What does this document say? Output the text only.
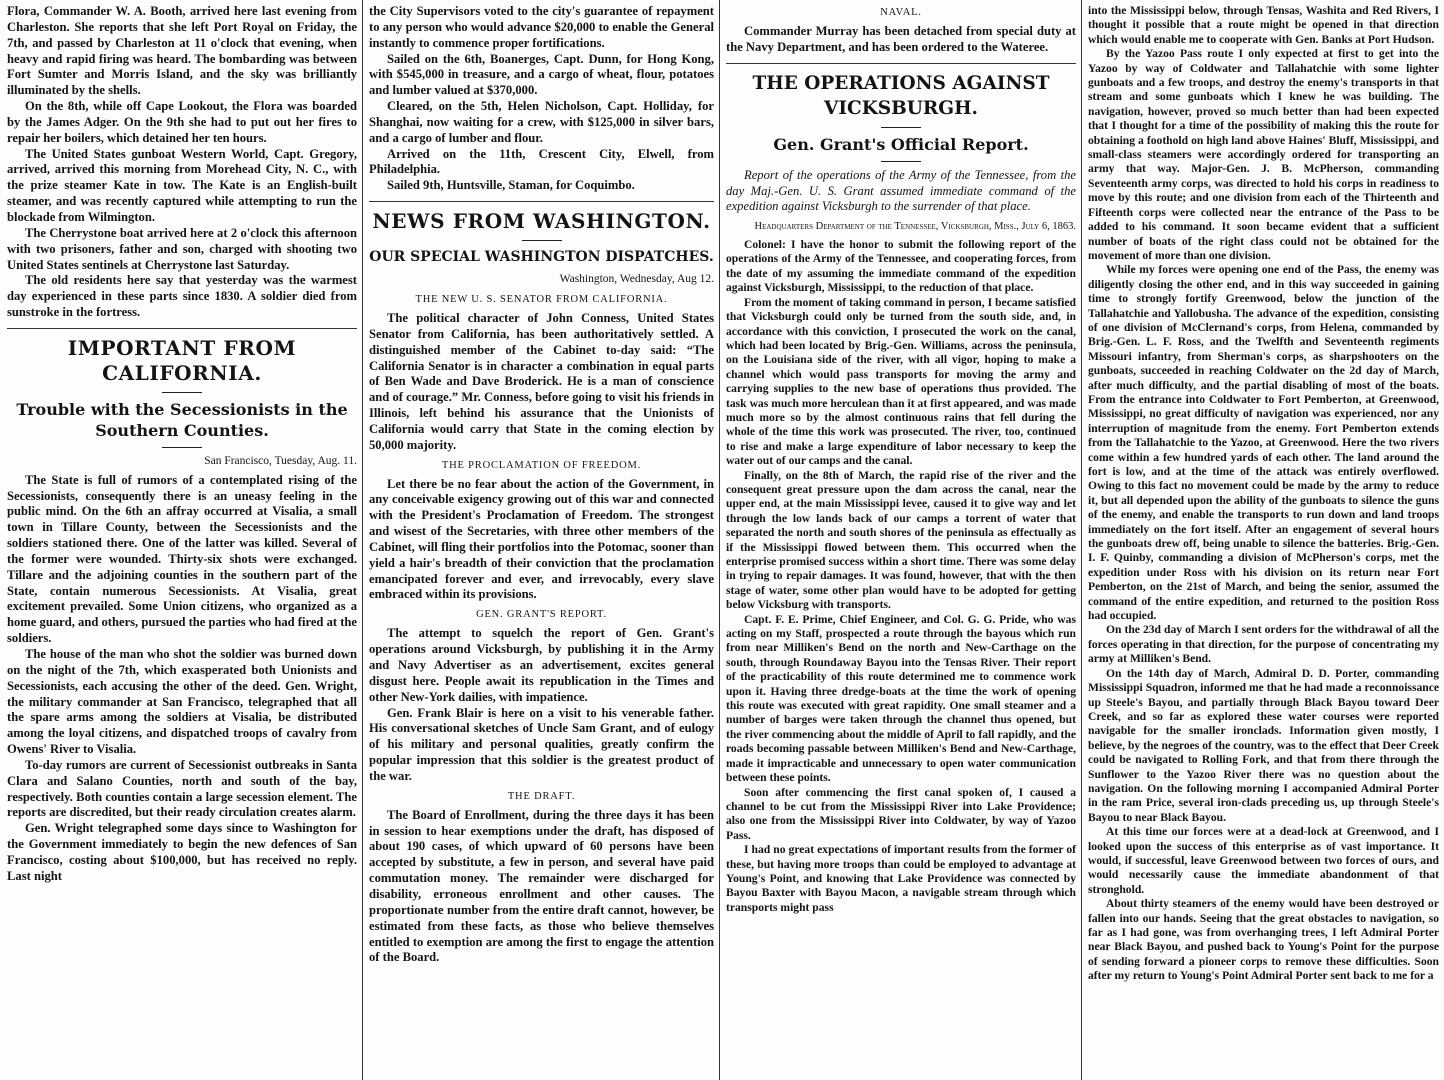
Flora, Commander W. A. Booth, arrived here last evening from Charleston. She reports that she left Port Royal on Friday, the 7th, and passed by Charleston at 11 o'clock that evening, when heavy and rapid firing was heard. The bombarding was between Fort Sumter and Morris Island, and the sky was brilliantly illuminated by the shells.

On the 8th, while off Cape Lookout, the Flora was boarded by the James Adger. On the 9th she had to put out her fires to repair her boilers, which detained her ten hours.

The United States gunboat Western World, Capt. Gregory, arrived, arrived this morning from Morehead City, N. C., with the prize steamer Kate in tow. The Kate is an English-built steamer, and was recently captured while attempting to run the blockade from Wilmington.

The Cherrystone boat arrived here at 2 o'clock this afternoon with two prisoners, father and son, charged with shooting two United States sentinels at Cherrystone last Saturday.

The old residents here say that yesterday was the warmest day experienced in these parts since 1830. A soldier died from sunstroke in the fortress.

IMPORTANT FROM CALIFORNIA.
Trouble with the Secessionists in the Southern Counties.
San Francisco, Tuesday, Aug. 11.

The State is full of rumors of a contemplated rising of the Secessionists, consequently there is an uneasy feeling in the public mind. On the 6th an affray occurred at Visalia, a small town in Tillare County, between the Secessionists and the soldiers stationed there. One of the latter was killed. Several of the former were wounded. Thirty-six shots were exchanged. Tillare and the adjoining counties in the southern part of the State, contain numerous Secessionists. At Visalia, great excitement prevailed. Some Union citizens, who organized as a home guard, and others, pursued the parties who had fired at the soldiers.

The house of the man who shot the soldier was burned down on the night of the 7th, which exasperated both Unionists and Secessionists, each accusing the other of the deed. Gen. Wright, the military commander at San Francisco, telegraphed that all the spare arms among the soldiers at Visalia, be distributed among the loyal citizens, and dispatched troops of cavalry from Owens' River to Visalia.

To-day rumors are current of Secessionist outbreaks in Santa Clara and Salano Counties, north and south of the bay, respectively. Both counties contain a large secession element. The reports are discredited, but their ready circulation creates alarm.

Gen. Wright telegraphed some days since to Washington for the Government immediately to begin the new defences of San Francisco, costing about $100,000, but has received no reply. Last night

the City Supervisors voted to the city's guarantee of repayment to any person who would advance $20,000 to enable the General instantly to commence proper fortifications.

Sailed on the 6th, Boanerges, Capt. Dunn, for Hong Kong, with $545,000 in treasure, and a cargo of wheat, flour, potatoes and lumber valued at $370,000.

Cleared, on the 5th, Helen Nicholson, Capt. Holliday, for Shanghai, now waiting for a crew, with $125,000 in silver bars, and a cargo of lumber and flour.

Arrived on the 11th, Crescent City, Elwell, from Philadelphia.

Sailed 9th, Huntsville, Staman, for Coquimbo.

NEWS FROM WASHINGTON.
OUR SPECIAL WASHINGTON DISPATCHES.
Washington, Wednesday, Aug 12.
THE NEW U. S. SENATOR FROM CALIFORNIA.

The political character of John Conness, United States Senator from California, has been authoritatively settled. A distinguished member of the Cabinet to-day said: “The California Senator is in character a combination in equal parts of Ben Wade and Dave Broderick. He is a man of conscience and of courage.” Mr. Conness, before going to visit his friends in Illinois, left behind his assurance that the Unionists of California would carry that State in the coming election by 50,000 majority.

THE PROCLAMATION OF FREEDOM.

Let there be no fear about the action of the Government, in any conceivable exigency growing out of this war and connected with the President's Proclamation of Freedom. The strongest and wisest of the Secretaries, with three other members of the Cabinet, will fling their portfolios into the Potomac, sooner than yield a hair's breadth of their conviction that the proclamation emancipated forever and ever, and irrevocably, every slave embraced within its provisions.

GEN. GRANT'S REPORT.

The attempt to squelch the report of Gen. Grant's operations around Vicksburgh, by publishing it in the Army and Navy Advertiser as an advertisement, excites general disgust here. People await its republication in the Times and other New-York dailies, with impatience.

Gen. Frank Blair is here on a visit to his venerable father. His conversational sketches of Uncle Sam Grant, and of eulogy of his military and personal qualities, greatly confirm the popular impression that this soldier is the greatest product of the war.

THE DRAFT.

The Board of Enrollment, during the three days it has been in session to hear exemptions under the draft, has disposed of about 190 cases, of which upward of 60 persons have been accepted by substitute, a few in person, and several have paid commutation money. The remainder were discharged for disability, erroneous enrollment and other causes. The proportionate number from the entire draft cannot, however, be estimated from these facts, as those who believe themselves entitled to exemption are among the first to engage the attention of the Board.

NAVAL.

Commander Murray has been detached from special duty at the Navy Department, and has been ordered to the Wateree.

THE OPERATIONS AGAINST VICKSBURGH.
Gen. Grant's Official Report.

Report of the operations of the Army of the Tennessee, from the day Maj.-Gen. U. S. Grant assumed immediate command of the expedition against Vicksburgh to the surrender of that place.

Headquarters Department of the Tennessee, Vicksburgh, Miss., July 6, 1863.

Colonel: I have the honor to submit the following report of the operations of the Army of the Tennessee, and cooperating forces, from the date of my assuming the immediate command of the expedition against Vicksburgh, Mississippi, to the reduction of that place.

From the moment of taking command in person, I became satisfied that Vicksburgh could only be turned from the south side, and, in accordance with this conviction, I prosecuted the work on the canal, which had been located by Brig.-Gen. Williams, across the peninsula, on the Louisiana side of the river, with all vigor, hoping to make a channel which would pass transports for moving the army and carrying supplies to the new base of operations thus provided. The task was much more herculean than it at first appeared, and was made much more so by the almost continuous rains that fell during the whole of the time this work was prosecuted. The river, too, continued to rise and make a large expenditure of labor necessary to keep the water out of our camps and the canal.

Finally, on the 8th of March, the rapid rise of the river and the consequent great pressure upon the dam across the canal, near the upper end, at the main Mississippi levee, caused it to give way and let through the low lands back of our camps a torrent of water that separated the north and south shores of the peninsula as effectually as if the Mississippi flowed between them. This occurred when the enterprise promised success within a short time. There was some delay in trying to repair damages. It was found, however, that with the then stage of water, some other plan would have to be adopted for getting below Vicksburg with transports.

Capt. F. E. Prime, Chief Engineer, and Col. G. G. Pride, who was acting on my Staff, prospected a route through the bayous which run from near Milliken's Bend on the north and New-Carthage on the south, through Roundaway Bayou into the Tensas River. Their report of the practicability of this route determined me to commence work upon it. Having three dredge-boats at the time the work of opening this route was executed with great rapidity. One small steamer and a number of barges were taken through the channel thus opened, but the river commencing about the middle of April to fall rapidly, and the roads becoming passable between Milliken's Bend and New-Carthage, made it impracticable and unnecessary to open water communication between these points.

Soon after commencing the first canal spoken of, I caused a channel to be cut from the Mississippi River into Lake Providence; also one from the Mississippi River into Coldwater, by way of Yazoo Pass.

I had no great expectations of important results from the former of these, but having more troops than could be employed to advantage at Young's Point, and knowing that Lake Providence was connected by Bayou Baxter with Bayou Macon, a navigable stream through which transports might pass

into the Mississippi below, through Tensas, Washita and Red Rivers, I thought it possible that a route might be opened in that direction which would enable me to cooperate with Gen. Banks at Port Hudson.

By the Yazoo Pass route I only expected at first to get into the Yazoo by way of Coldwater and Tallahatchie with some lighter gunboats and a few troops, and destroy the enemy's transports in that stream and some gunboats which I knew he was building. The navigation, however, proved so much better than had been expected that I thought for a time of the possibility of making this the route for obtaining a foothold on high land above Haines' Bluff, Mississippi, and small-class steamers were accordingly ordered for transporting an army that way. Major-Gen. J. B. McPherson, commanding Seventeenth army corps, was directed to hold his corps in readiness to move by this route; and one division from each of the Thirteenth and Fifteenth corps were collected near the entrance of the Pass to be added to his command. It soon became evident that a sufficient number of boats of the right class could not be obtained for the movement of more than one division.

While my forces were opening one end of the Pass, the enemy was diligently closing the other end, and in this way succeeded in gaining time to strongly fortify Greenwood, below the junction of the Tallahatchie and Yallobusha. The advance of the expedition, consisting of one division of McClernand's corps, from Helena, commanded by Brig.-Gen. L. F. Ross, and the Twelfth and Seventeenth regiments Missouri infantry, from Sherman's corps, as sharpshooters on the gunboats, succeeded in reaching Coldwater on the 2d day of March, after much difficulty, and the partial disabling of most of the boats. From the entrance into Coldwater to Fort Pemberton, at Greenwood, Mississippi, no great difficulty of navigation was experienced, nor any interruption of magnitude from the enemy. Fort Pemberton extends from the Tallahatchie to the Yazoo, at Greenwood. Here the two rivers come within a few hundred yards of each other. The land around the fort is low, and at the time of the attack was entirely overflowed. Owing to this fact no movement could be made by the army to reduce it, but all depended upon the ability of the gunboats to silence the guns of the enemy, and enable the transports to run down and land troops immediately on the fort itself. After an engagement of several hours the gunboats drew off, being unable to silence the batteries. Brig.-Gen. I. F. Quinby, commanding a division of McPherson's corps, met the expedition under Ross with his division on its return near Fort Pemberton, on the 21st of March, and being the senior, assumed the command of the entire expedition, and returned to the position Ross had occupied.

On the 23d day of March I sent orders for the withdrawal of all the forces operating in that direction, for the purpose of concentrating my army at Milliken's Bend.

On the 14th day of March, Admiral D. D. Porter, commanding Mississippi Squadron, informed me that he had made a reconnoissance up Steele's Bayou, and partially through Black Bayou toward Deer Creek, and so far as explored these water courses were reported navigable for the smaller ironclads. Information given mostly, I believe, by the negroes of the country, was to the effect that Deer Creek could be navigated to Rolling Fork, and that from there through the Sunflower to the Yazoo River there was no question about the navigation. On the following morning I accompanied Admiral Porter in the ram Price, several iron-clads preceding us, up through Steele's Bayou to near Black Bayou.

At this time our forces were at a dead-lock at Greenwood, and I looked upon the success of this enterprise as of vast importance. It would, if successful, leave Greenwood between two forces of ours, and would necessarily cause the immediate abandonment of that stronghold.

About thirty steamers of the enemy would have been destroyed or fallen into our hands. Seeing that the great obstacles to navigation, so far as I had gone, was from overhanging trees, I left Admiral Porter near Black Bayou, and pushed back to Young's Point for the purpose of sending forward a pioneer corps to remove these difficulties. Soon after my return to Young's Point Admiral Porter sent back to me for a
